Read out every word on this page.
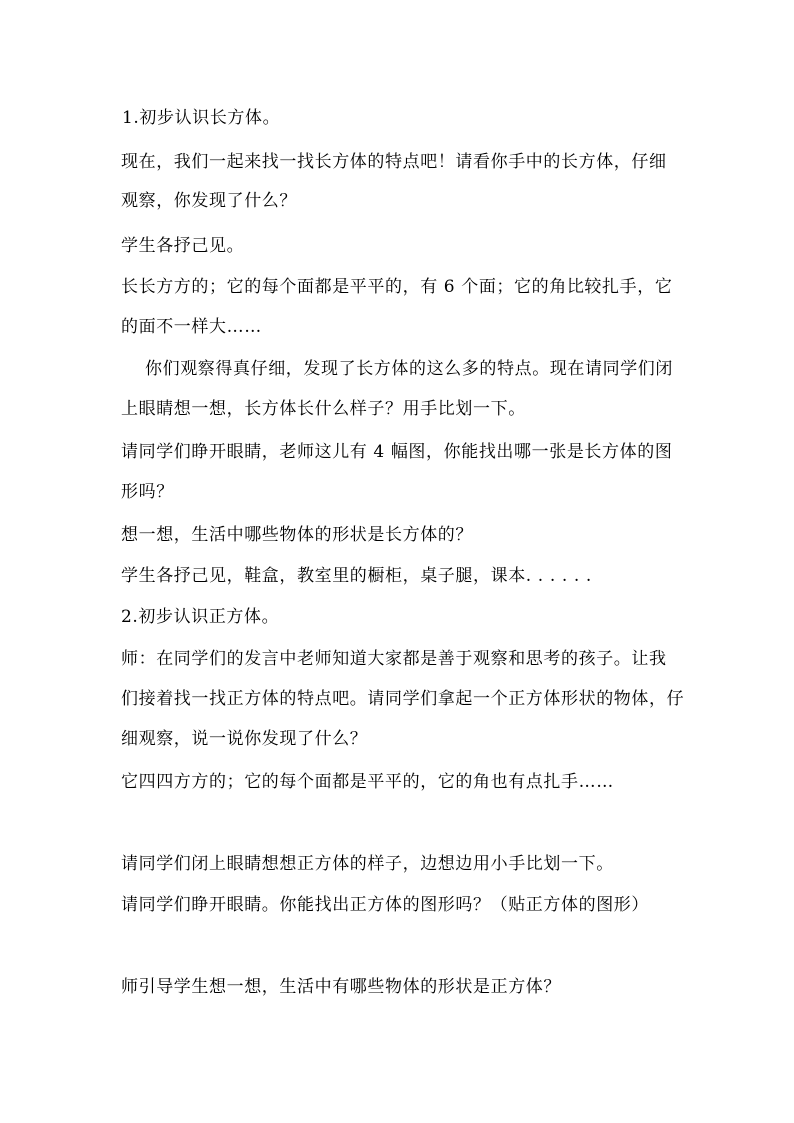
1.初步认识长方体。
现在，我们一起来找一找长方体的特点吧！请看你手中的长方体，仔细
观察，你发现了什么？
学生各抒己见。
长长方方的；它的每个面都是平平的，有 6 个面；它的角比较扎手，它
的面不一样大……
你们观察得真仔细，发现了长方体的这么多的特点。现在请同学们闭
上眼睛想一想，长方体长什么样子？用手比划一下。
请同学们睁开眼睛，老师这儿有 4 幅图，你能找出哪一张是长方体的图
形吗？
想一想，生活中哪些物体的形状是长方体的？
学生各抒己见，鞋盒，教室里的橱柜，桌子腿，课本. . . . . .
2.初步认识正方体。
师：在同学们的发言中老师知道大家都是善于观察和思考的孩子。让我
们接着找一找正方体的特点吧。请同学们拿起一个正方体形状的物体，仔
细观察，说一说你发现了什么？
它四四方方的；它的每个面都是平平的，它的角也有点扎手……
请同学们闭上眼睛想想正方体的样子，边想边用小手比划一下。
请同学们睁开眼睛。你能找出正方体的图形吗？（贴正方体的图形）
师引导学生想一想，生活中有哪些物体的形状是正方体？
